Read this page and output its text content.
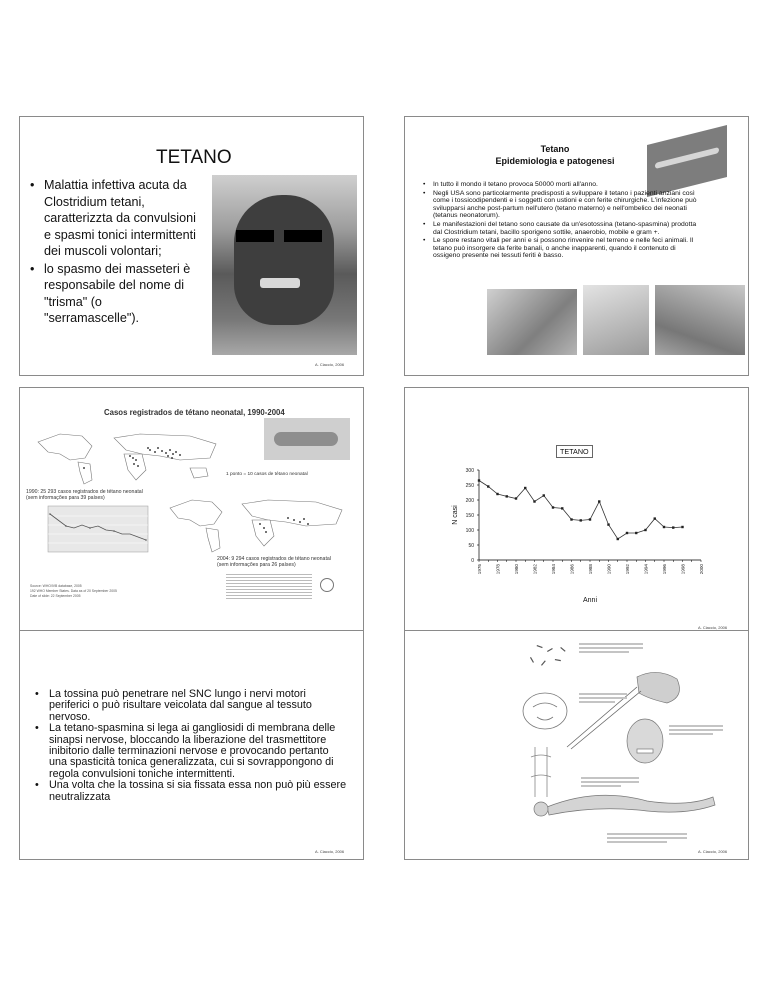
TETANO
• Malattia infettiva acuta da Clostridium tetani, caratterizzta da convulsioni e spasmi tonici intermittenti dei muscoli volontari;
• lo spasmo dei masseteri è responsabile del nome di "trisma" (o "serramascelle").
A. Ciaccio, 2006
Tetano
Epidemiologia e patogenesi
• In tutto il mondo il tetano provoca 50000 morti all'anno.
• Negli USA sono particolarmente predisposti a sviluppare il tetano i pazienti anziani così come i tossicodipendenti e i soggetti con ustioni e con ferite chirurgiche. L'infezione può svilupparsi anche post-partum nell'utero (tetano materno) e nell'ombelico dei neonati (tetanus neonatorum).
• Le manifestazioni del tetano sono causate da un'esotossina (tetano-spasmina) prodotta dal Clostridium tetani, bacillo sporigeno sottile, anaerobio, mobile e gram +.
• Le spore restano vitali per anni e si possono rinvenire nel terreno e nelle feci animali. Il tetano può insorgere da ferite banali, o anche inapparenti, quando il contenuto di ossigeno presente nei tessuti feriti è basso.
Casos registrados de tétano neonatal, 1990-2004
1 ponto = 10 casos de tétano neonatal
1990: 25 293 casos registrados de tétano neonatal
(sem informações para 39 países)
2004: 9 294 casos registrados de tétano neonatal
(sem informações para 26 países)
Source: WHO/IVB database, 2005
192 WHO Member States. Data as of 20 September 2005
Date of slide: 22 September 2005
TETANO
0
50
100
150
200
250
300
1976	1978	1980	1982	1984	1986	1988	1990	1992	1994	1996	1998	2000
Anni
N casi
A. Ciaccio, 2006
• La tossina può penetrare nel SNC lungo i nervi motori periferici o può risultare veicolata dal sangue al tessuto nervoso.
• La tetano-spasmina si lega ai gangliosidi di membrana delle sinapsi nervose, bloccando la liberazione del trasmettitore inibitorio dalle terminazioni nervose e provocando pertanto una spasticità tonica generalizzata, cui si sovrappongono di regola convulsioni toniche intermittenti.
• Una volta che la tossina si sia fissata essa non può più essere neutralizzata
A. Ciaccio, 2006	A. Ciaccio, 2006
